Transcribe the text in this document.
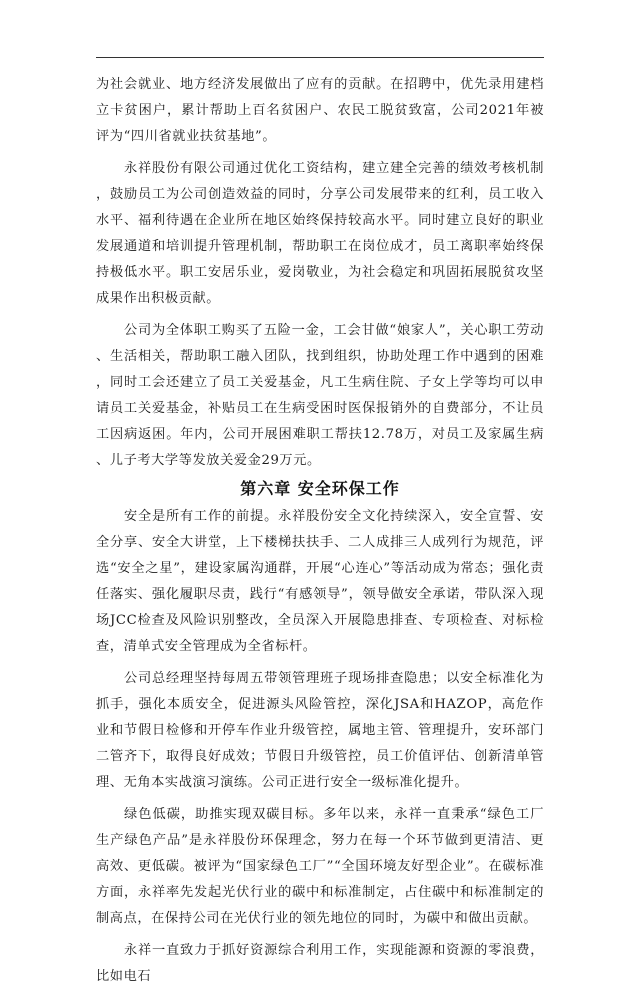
为社会就业、地方经济发展做出了应有的贡献。在招聘中，优先录用建档立卡贫困户，累计帮助上百名贫困户、农民工脱贫致富，公司2021年被评为“四川省就业扶贫基地”。

永祥股份有限公司通过优化工资结构，建立建全完善的绩效考核机制，鼓励员工为公司创造效益的同时，分享公司发展带来的红利，员工收入水平、福利待遇在企业所在地区始终保持较高水平。同时建立良好的职业发展通道和培训提升管理机制，帮助职工在岗位成才，员工离职率始终保持极低水平。职工安居乐业，爱岗敬业，为社会稳定和巩固拓展脱贫攻坚成果作出积极贡献。

公司为全体职工购买了五险一金，工会甘做“娘家人”，关心职工劳动、生活相关，帮助职工融入团队，找到组织，协助处理工作中遇到的困难，同时工会还建立了员工关爱基金，凡工生病住院、子女上学等均可以申请员工关爱基金，补贴员工在生病受困时医保报销外的自费部分，不让员工因病返困。年内，公司开展困难职工帮扶12.78万，对员工及家属生病、儿子考大学等发放关爱金29万元。

第六章 安全环保工作

安全是所有工作的前提。永祥股份安全文化持续深入，安全宣誓、安全分享、安全大讲堂，上下楼梯扶扶手、二人成排三人成列行为规范，评选“安全之星”，建设家属沟通群，开展“心连心”等活动成为常态；强化责任落实、强化履职尽责，践行“有感领导”，领导做安全承诺，带队深入现场JCC检查及风险识别整改，全员深入开展隐患排查、专项检查、对标检查，清单式安全管理成为全省标杆。

公司总经理坚持每周五带领管理班子现场排查隐患；以安全标准化为抓手，强化本质安全，促进源头风险管控，深化JSA和HAZOP，高危作业和节假日检修和开停车作业升级管控，属地主管、管理提升，安环部门二管齐下，取得良好成效；节假日升级管控，员工价值评估、创新清单管理、无角本实战演习演练。公司正进行安全一级标准化提升。

绿色低碳，助推实现双碳目标。多年以来，永祥一直秉承“绿色工厂生产绿色产品”是永祥股份环保理念，努力在每一个环节做到更清洁、更高效、更低碳。被评为“国家绿色工厂”“全国环境友好型企业”。在碳标准方面，永祥率先发起光伏行业的碳中和标准制定，占住碳中和标准制定的制高点，在保持公司在光伏行业的领先地位的同时，为碳中和做出贡献。

永祥一直致力于抓好资源综合利用工作，实现能源和资源的零浪费，比如电石
